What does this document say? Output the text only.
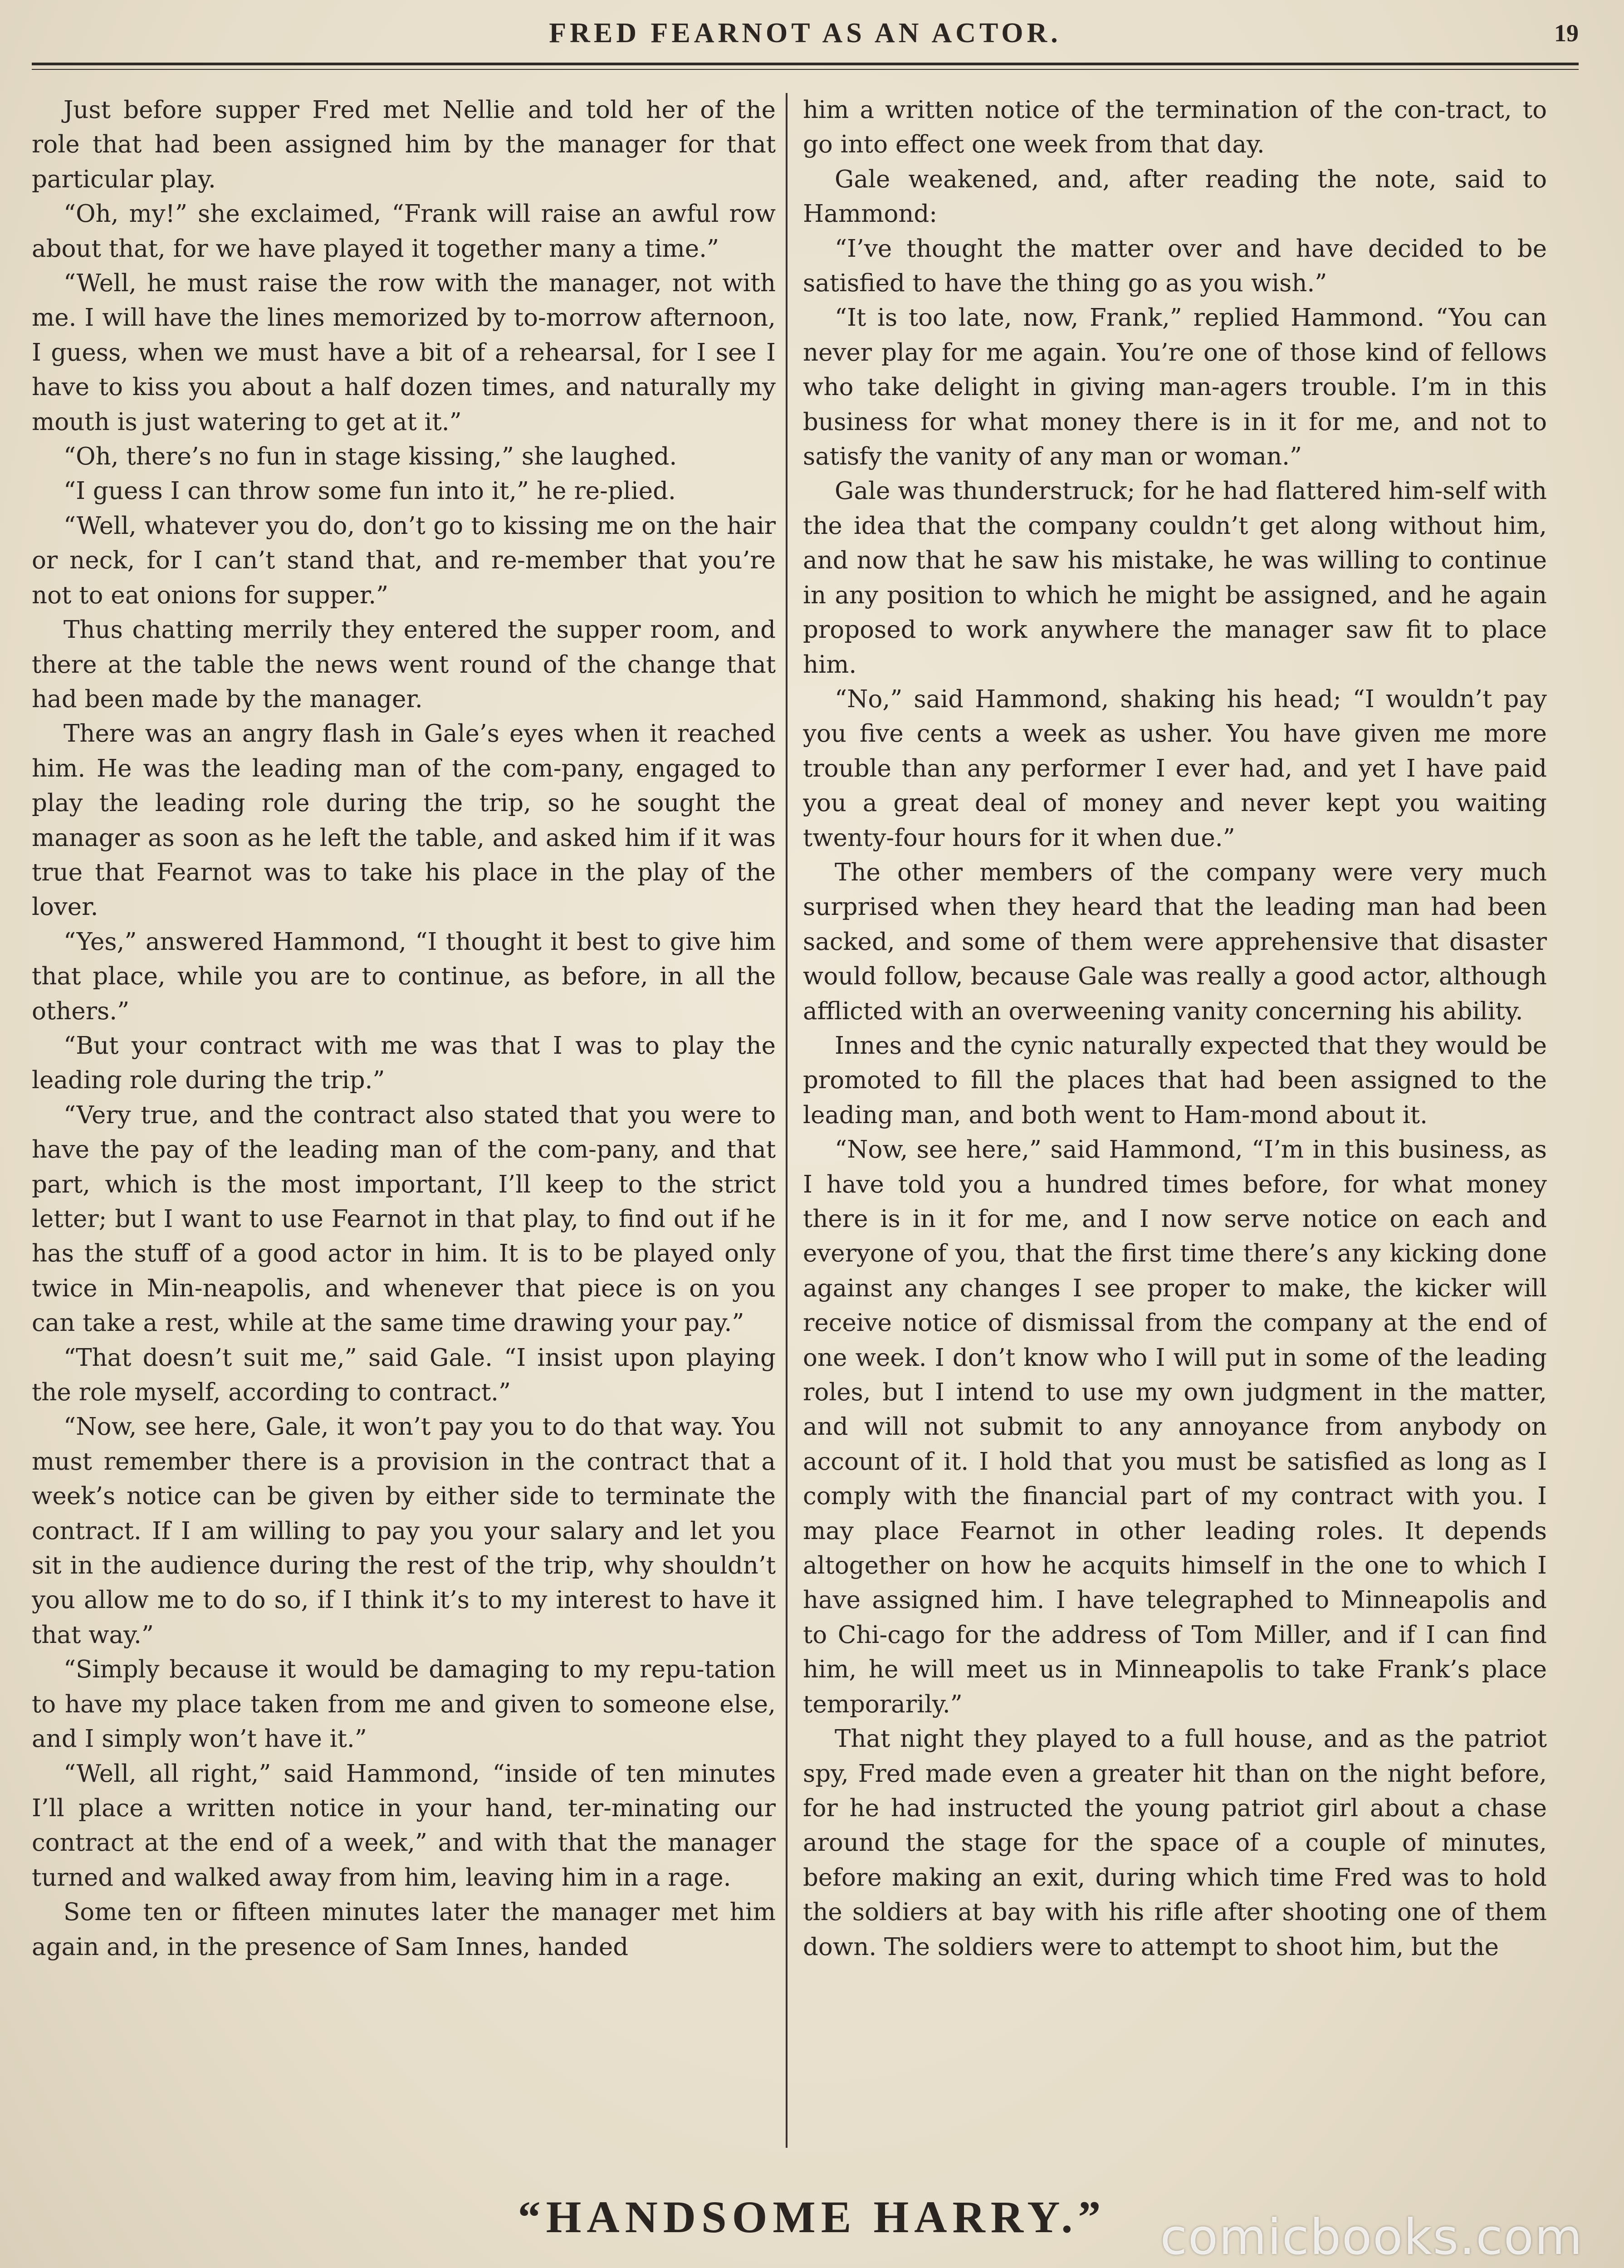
FRED FEARNOT AS AN ACTOR.	19

Just before supper Fred met Nellie and told her of the role that had been assigned him by the manager for that particular play.

“Oh, my!” she exclaimed, “Frank will raise an awful row about that, for we have played it together many a time.”

“Well, he must raise the row with the manager, not with me. I will have the lines memorized by to-morrow afternoon, I guess, when we must have a bit of a rehearsal, for I see I have to kiss you about a half dozen times, and naturally my mouth is just watering to get at it.”

“Oh, there’s no fun in stage kissing,” she laughed.

“I guess I can throw some fun into it,” he re-plied.

“Well, whatever you do, don’t go to kissing me on the hair or neck, for I can’t stand that, and re-member that you’re not to eat onions for supper.”

Thus chatting merrily they entered the supper room, and there at the table the news went round of the change that had been made by the manager.

There was an angry flash in Gale’s eyes when it reached him. He was the leading man of the com-pany, engaged to play the leading role during the trip, so he sought the manager as soon as he left the table, and asked him if it was true that Fearnot was to take his place in the play of the lover.

“Yes,” answered Hammond, “I thought it best to give him that place, while you are to continue, as before, in all the others.”

“But your contract with me was that I was to play the leading role during the trip.”

“Very true, and the contract also stated that you were to have the pay of the leading man of the com-pany, and that part, which is the most important, I’ll keep to the strict letter; but I want to use Fearnot in that play, to find out if he has the stuff of a good actor in him. It is to be played only twice in Min-neapolis, and whenever that piece is on you can take a rest, while at the same time drawing your pay.”

“That doesn’t suit me,” said Gale. “I insist upon playing the role myself, according to contract.”

“Now, see here, Gale, it won’t pay you to do that way. You must remember there is a provision in the contract that a week’s notice can be given by either side to terminate the contract. If I am willing to pay you your salary and let you sit in the audience during the rest of the trip, why shouldn’t you allow me to do so, if I think it’s to my interest to have it that way.”

“Simply because it would be damaging to my repu-tation to have my place taken from me and given to someone else, and I simply won’t have it.”

“Well, all right,” said Hammond, “inside of ten minutes I’ll place a written notice in your hand, ter-minating our contract at the end of a week,” and with that the manager turned and walked away from him, leaving him in a rage.

Some ten or fifteen minutes later the manager met him again and, in the presence of Sam Innes, handed

him a written notice of the termination of the con-tract, to go into effect one week from that day.

Gale weakened, and, after reading the note, said to Hammond:

“I’ve thought the matter over and have decided to be satisfied to have the thing go as you wish.”

“It is too late, now, Frank,” replied Hammond. “You can never play for me again. You’re one of those kind of fellows who take delight in giving man-agers trouble. I’m in this business for what money there is in it for me, and not to satisfy the vanity of any man or woman.”

Gale was thunderstruck; for he had flattered him-self with the idea that the company couldn’t get along without him, and now that he saw his mistake, he was willing to continue in any position to which he might be assigned, and he again proposed to work anywhere the manager saw fit to place him.

“No,” said Hammond, shaking his head; “I wouldn’t pay you five cents a week as usher. You have given me more trouble than any performer I ever had, and yet I have paid you a great deal of money and never kept you waiting twenty-four hours for it when due.”

The other members of the company were very much surprised when they heard that the leading man had been sacked, and some of them were apprehensive that disaster would follow, because Gale was really a good actor, although afflicted with an overweening vanity concerning his ability.

Innes and the cynic naturally expected that they would be promoted to fill the places that had been assigned to the leading man, and both went to Ham-mond about it.

“Now, see here,” said Hammond, “I’m in this business, as I have told you a hundred times before, for what money there is in it for me, and I now serve notice on each and everyone of you, that the first time there’s any kicking done against any changes I see proper to make, the kicker will receive notice of dismissal from the company at the end of one week. I don’t know who I will put in some of the leading roles, but I intend to use my own judgment in the matter, and will not submit to any annoyance from anybody on account of it. I hold that you must be satisfied as long as I comply with the financial part of my contract with you. I may place Fearnot in other leading roles. It depends altogether on how he acquits himself in the one to which I have assigned him. I have telegraphed to Minneapolis and to Chi-cago for the address of Tom Miller, and if I can find him, he will meet us in Minneapolis to take Frank’s place temporarily.”

That night they played to a full house, and as the patriot spy, Fred made even a greater hit than on the night before, for he had instructed the young patriot girl about a chase around the stage for the space of a couple of minutes, before making an exit, during which time Fred was to hold the soldiers at bay with his rifle after shooting one of them down. The soldiers were to attempt to shoot him, but the

“HANDSOME HARRY.”	comicbooks.com
